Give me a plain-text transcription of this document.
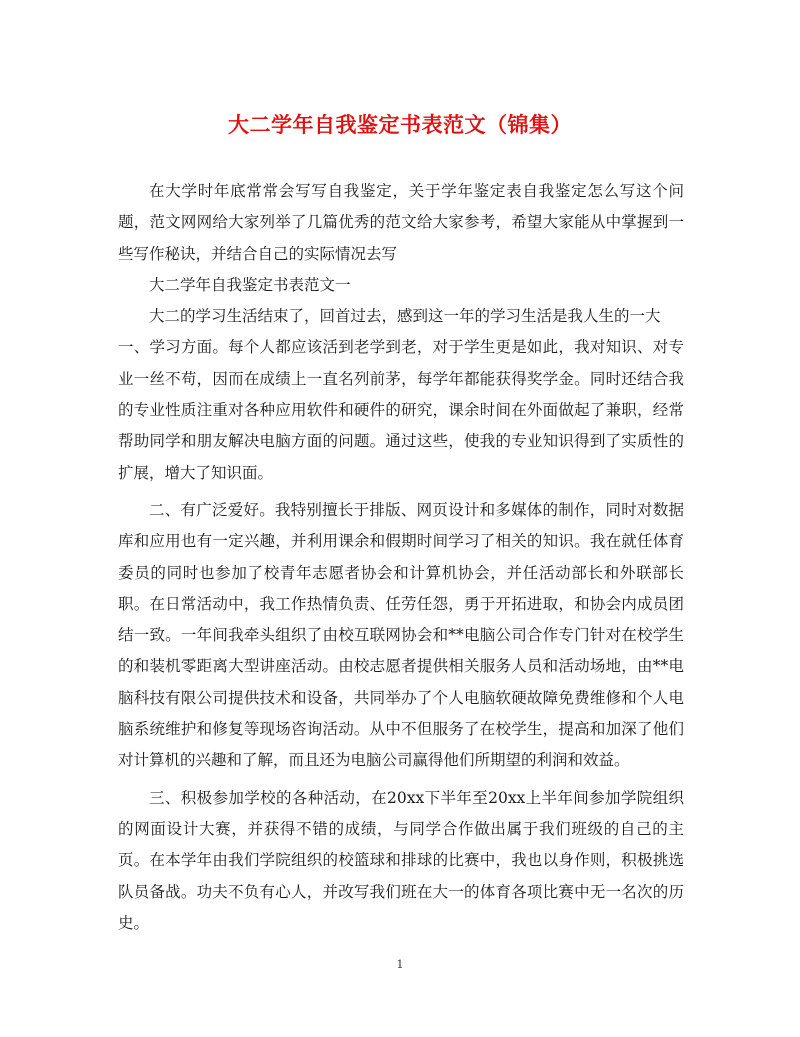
大二学年自我鉴定书表范文（锦集）

在大学时年底常常会写写自我鉴定，关于学年鉴定表自我鉴定怎么写这个问题，范文网网给大家列举了几篇优秀的范文给大家参考，希望大家能从中掌握到一些写作秘诀，并结合自己的实际情况去写

大二学年自我鉴定书表范文一

大二的学习生活结束了，回首过去，感到这一年的学习生活是我人生的一大

一、学习方面。每个人都应该活到老学到老，对于学生更是如此，我对知识、对专业一丝不苟，因而在成绩上一直名列前茅，每学年都能获得奖学金。同时还结合我的专业性质注重对各种应用软件和硬件的研究，课余时间在外面做起了兼职，经常帮助同学和朋友解决电脑方面的问题。通过这些，使我的专业知识得到了实质性的扩展，增大了知识面。

二、有广泛爱好。我特别擅长于排版、网页设计和多媒体的制作，同时对数据库和应用也有一定兴趣，并利用课余和假期时间学习了相关的知识。我在就任体育委员的同时也参加了校青年志愿者协会和计算机协会，并任活动部长和外联部长职。在日常活动中，我工作热情负责、任劳任怨，勇于开拓进取，和协会内成员团结一致。一年间我牵头组织了由校互联网协会和**电脑公司合作专门针对在校学生的和装机零距离大型讲座活动。由校志愿者提供相关服务人员和活动场地，由**电脑科技有限公司提供技术和设备，共同举办了个人电脑软硬故障免费维修和个人电脑系统维护和修复等现场咨询活动。从中不但服务了在校学生，提高和加深了他们对计算机的兴趣和了解，而且还为电脑公司赢得他们所期望的利润和效益。

三、积极参加学校的各种活动，在20xx下半年至20xx上半年间参加学院组织的网面设计大赛，并获得不错的成绩，与同学合作做出属于我们班级的自己的主页。在本学年由我们学院组织的校篮球和排球的比赛中，我也以身作则，积极挑选队员备战。功夫不负有心人，并改写我们班在大一的体育各项比赛中无一名次的历史。

1
